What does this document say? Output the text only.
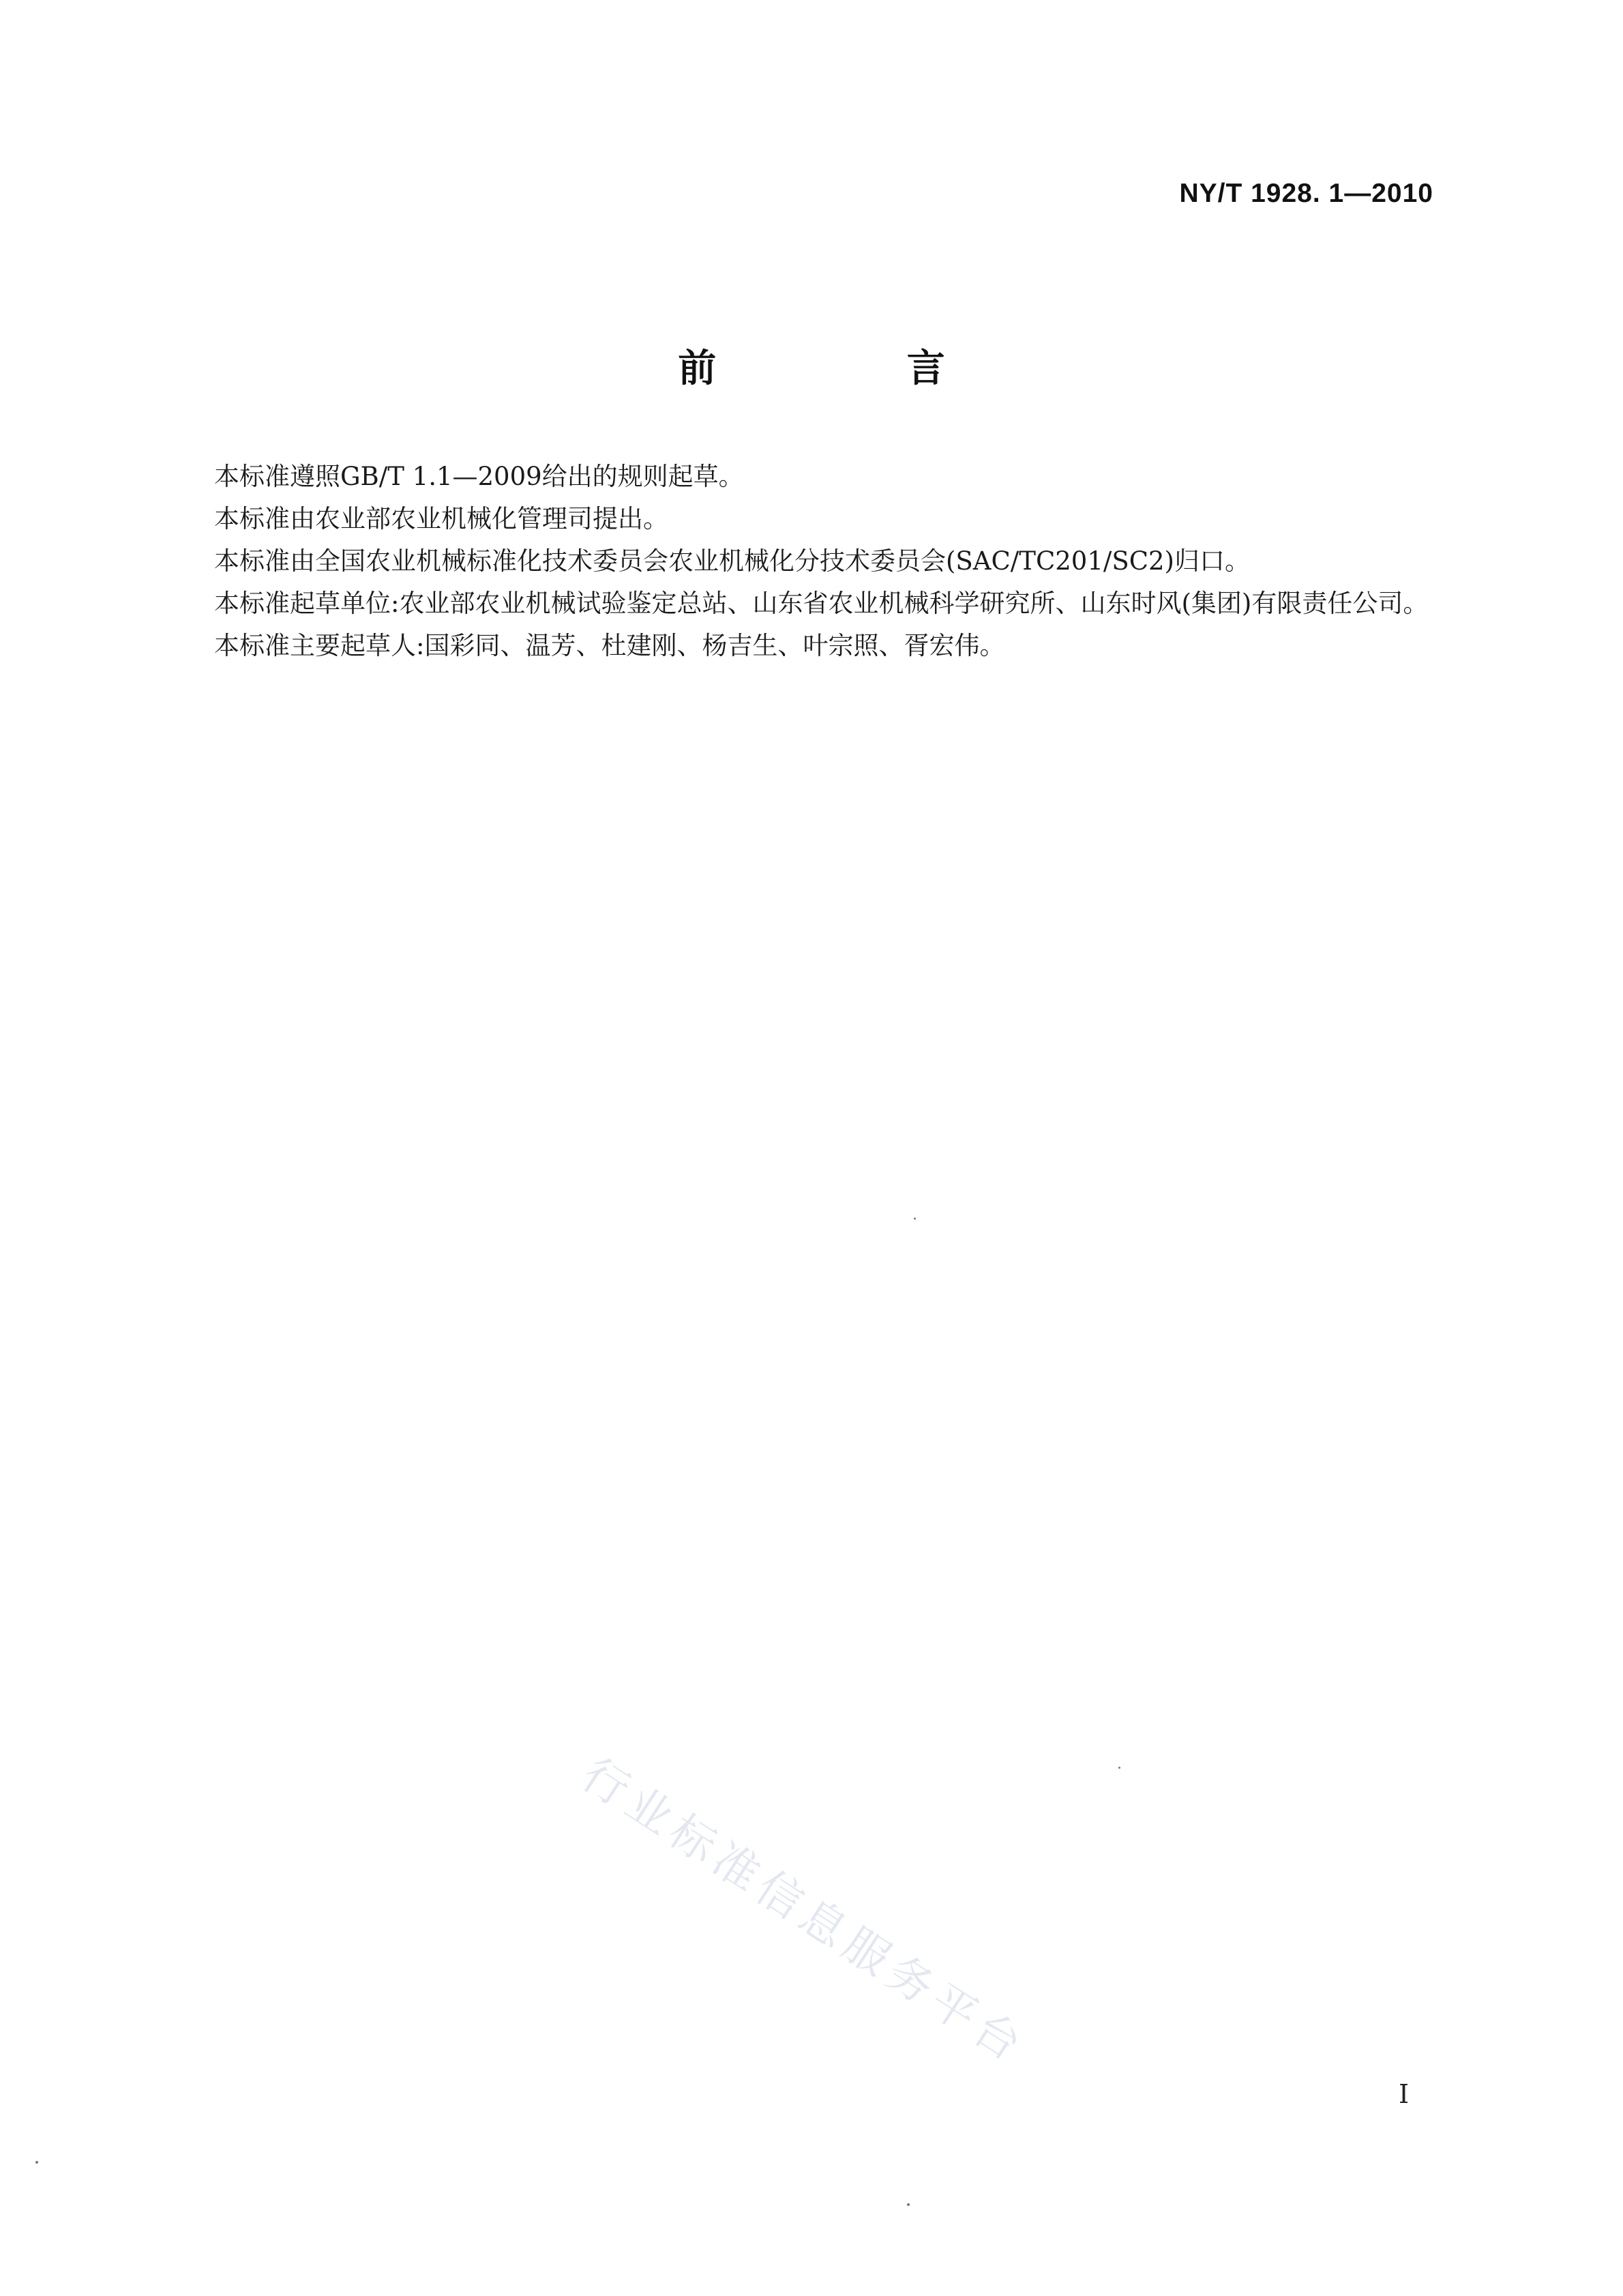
NY/T 1928. 1—2010
前 言

本标准遵照GB/T 1.1—2009给出的规则起草。

本标准由农业部农业机械化管理司提出。

本标准由全国农业机械标准化技术委员会农业机械化分技术委员会(SAC/TC201/SC2)归口。

本标准起草单位:农业部农业机械试验鉴定总站、山东省农业机械科学研究所、山东时风(集团)有限责任公司。

本标准主要起草人:国彩同、温芳、杜建刚、杨吉生、叶宗照、胥宏伟。

行业标准信息服务平台
I
